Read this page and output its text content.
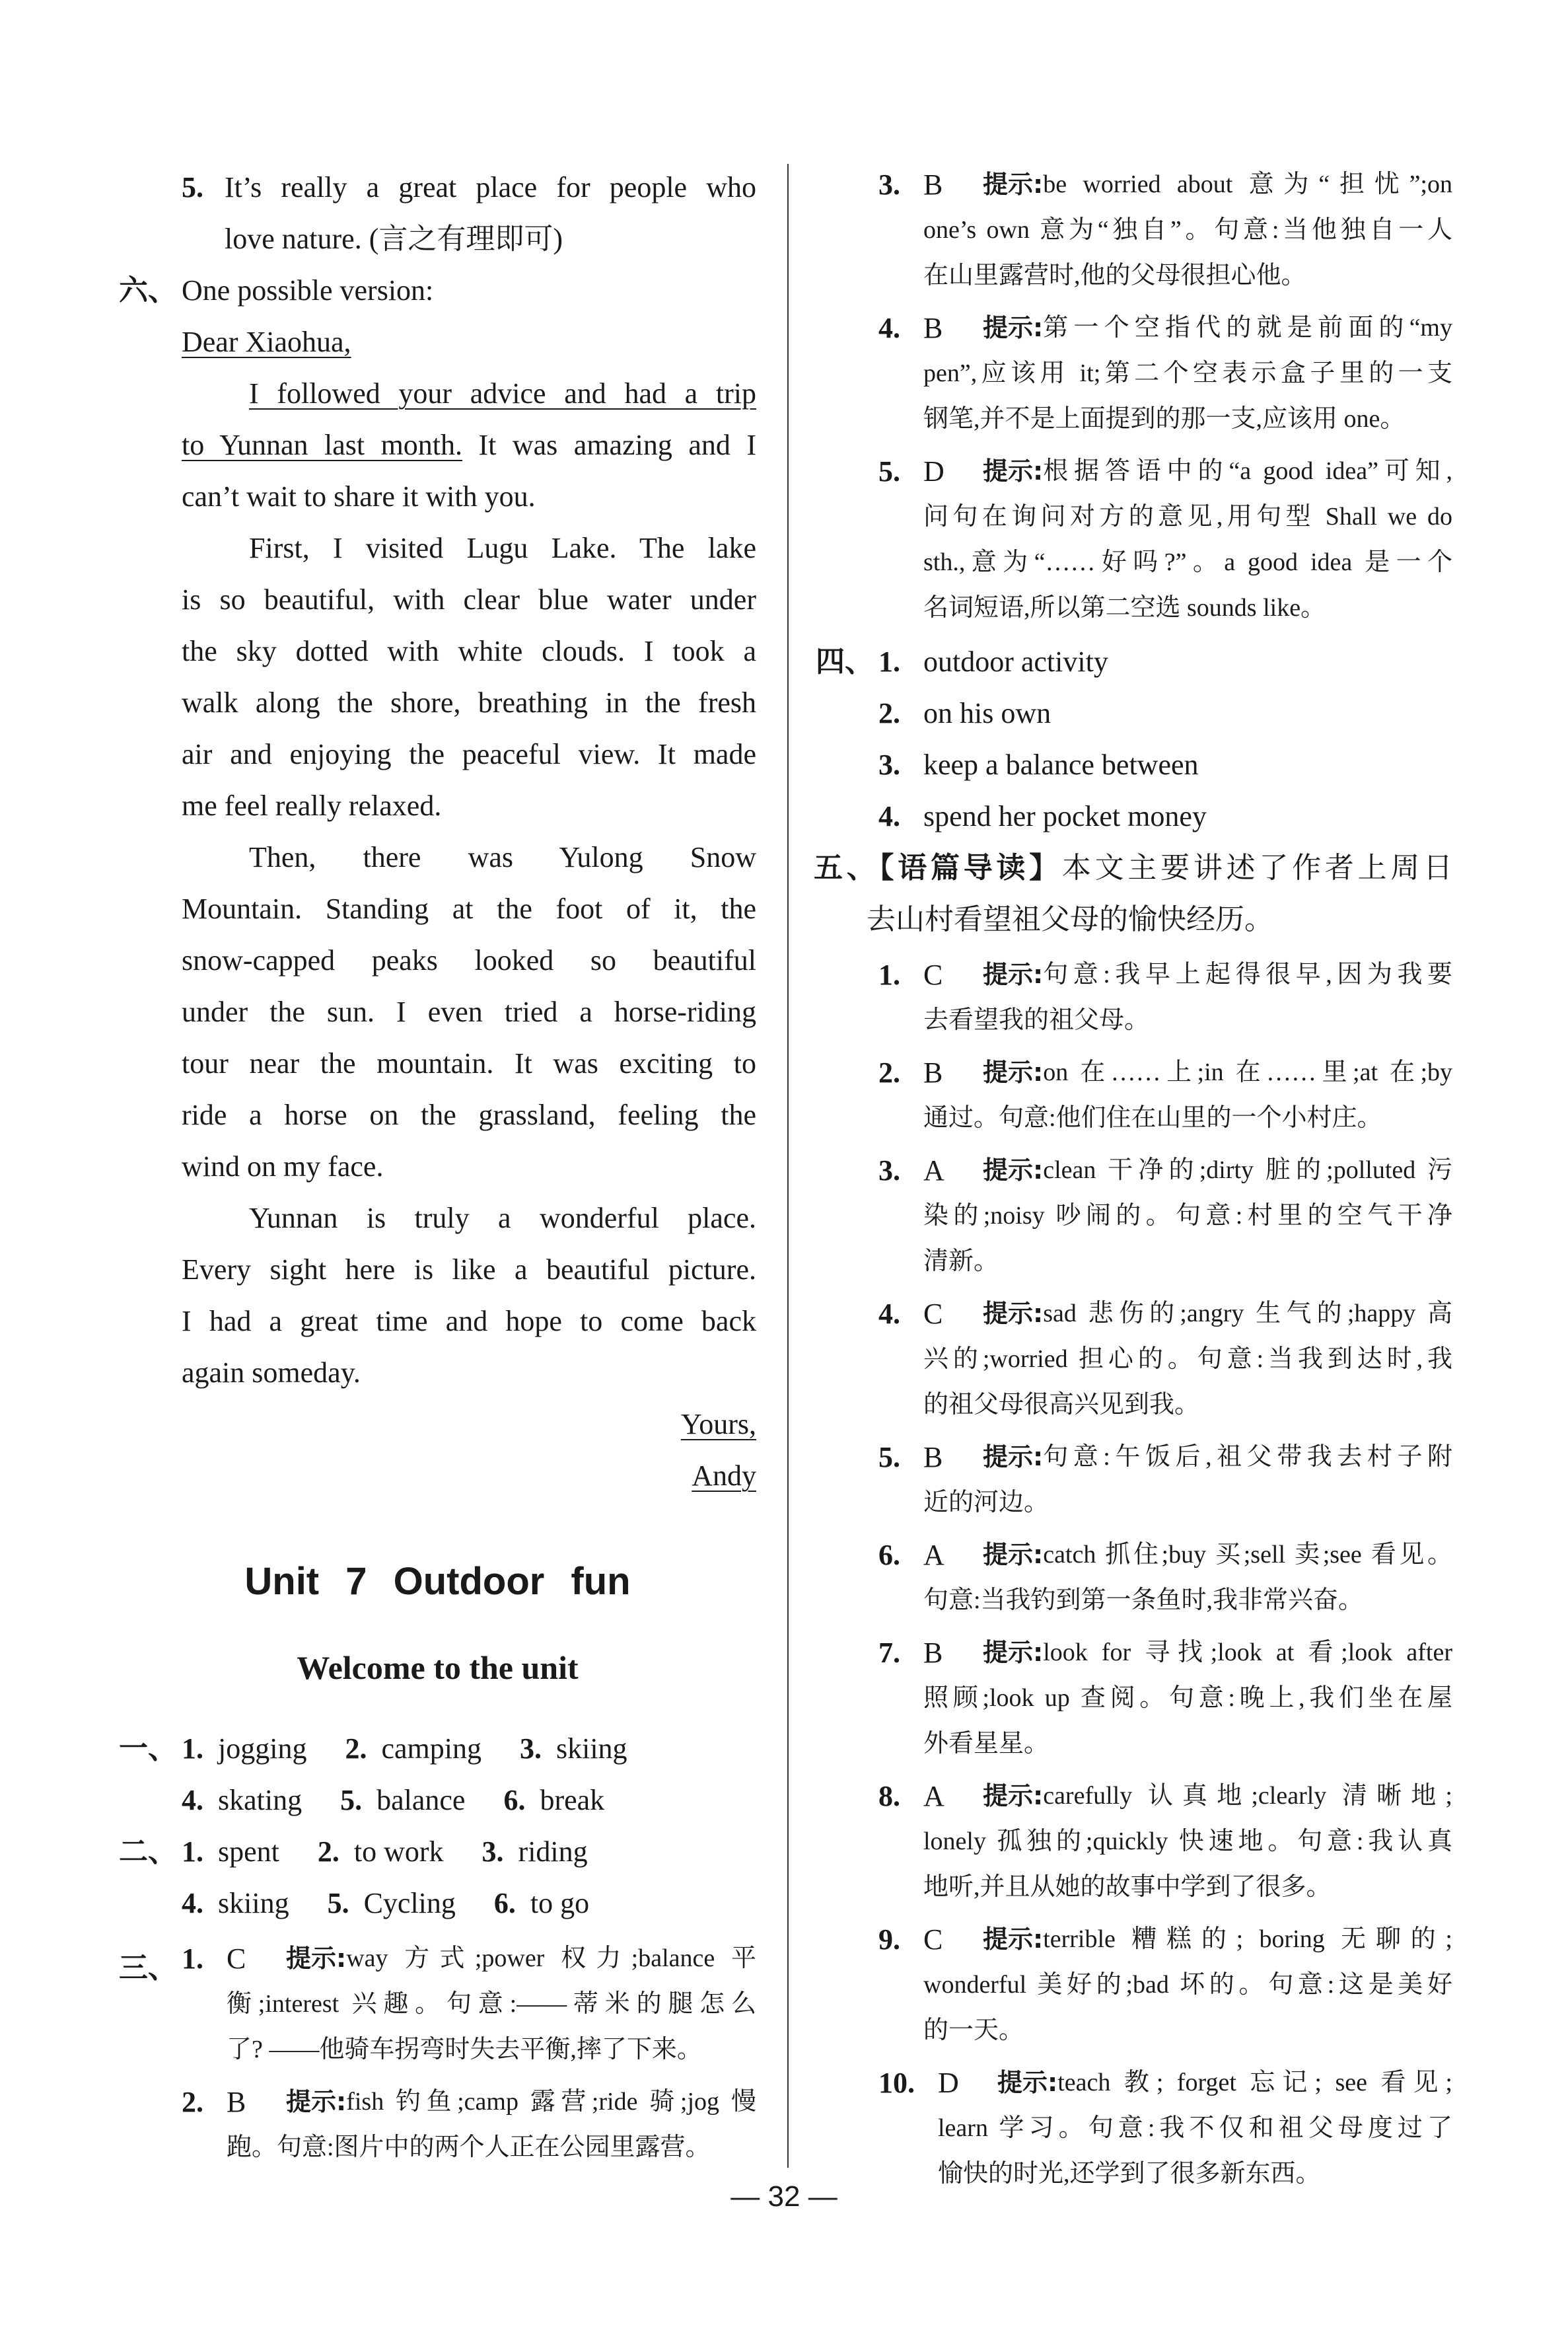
5. It’s really a great place for people who
love nature. (言之有理即可)
六、 One possible version:
Dear Xiaohua,
I followed your advice and had a trip
to Yunnan last month. It was amazing and I
can’t wait to share it with you.
First, I visited Lugu Lake. The lake
is so beautiful, with clear blue water under
the sky dotted with white clouds. I took a
walk along the shore, breathing in the fresh
air and enjoying the peaceful view. It made
me feel really relaxed.
Then, there was Yulong Snow
Mountain. Standing at the foot of it, the
snow-capped peaks looked so beautiful
under the sun. I even tried a horse-riding
tour near the mountain. It was exciting to
ride a horse on the grassland, feeling the
wind on my face.
Yunnan is truly a wonderful place.
Every sight here is like a beautiful picture.
I had a great time and hope to come back
again someday.
Yours,
Andy
Unit 7 Outdoor fun
Welcome to the unit
一、 1. jogging 2. camping 3. skiing
4. skating 5. balance 6. break
二、 1. spent 2. to work 3. riding
4. skiing 5. Cycling 6. to go
三、 1. C	提示: way 方式;power 权力;balance 平
衡;interest 兴趣。句意:——蒂米的腿怎么
了? ——他骑车拐弯时失去平衡,摔了下来。
2. B	提示: fish 钓鱼;camp 露营;ride 骑;jog 慢
跑。句意:图片中的两个人正在公园里露营。
3. B	提示: be worried about 意为“担忧”;on
one’s own 意为“独自”。句意:当他独自一人
在山里露营时,他的父母很担心他。
4. B	提示: 第一个空指代的就是前面的“my
pen”,应该用 it;第二个空表示盒子里的一支
钢笔,并不是上面提到的那一支,应该用 one。
5. D	提示: 根据答语中的“a good idea”可知,
问句在询问对方的意见,用句型 Shall we do
sth.,意为“……好吗?”。a good idea 是一个
名词短语,所以第二空选 sounds like。
四、 1. outdoor activity
2. on his own
3. keep a balance between
4. spend her pocket money
五、【语篇导读】本文主要讲述了作者上周日
去山村看望祖父母的愉快经历。
1. C	提示: 句意:我早上起得很早,因为我要
去看望我的祖父母。
2. B	提示: on 在……上;in 在……里;at 在;by
通过。句意:他们住在山里的一个小村庄。
3. A	提示: clean 干净的;dirty 脏的;polluted 污
染的;noisy 吵闹的。句意:村里的空气干净
清新。
4. C	提示: sad 悲伤的;angry 生气的;happy 高
兴的;worried 担心的。句意:当我到达时,我
的祖父母很高兴见到我。
5. B	提示: 句意:午饭后,祖父带我去村子附
近的河边。
6. A	提示: catch 抓住;buy 买;sell 卖;see 看见。
句意:当我钓到第一条鱼时,我非常兴奋。
7. B	提示: look for 寻找;look at 看;look after
照顾;look up 查阅。句意:晚上,我们坐在屋
外看星星。
8. A	提示: carefully 认真地;clearly 清晰地;
lonely 孤独的;quickly 快速地。句意:我认真
地听,并且从她的故事中学到了很多。
9. C	提示: terrible 糟糕的; boring 无聊的;
wonderful 美好的;bad 坏的。句意:这是美好
的一天。
10. D	提示: teach 教; forget 忘记; see 看见;
learn 学习。句意:我不仅和祖父母度过了
愉快的时光,还学到了很多新东西。
— 32 —
